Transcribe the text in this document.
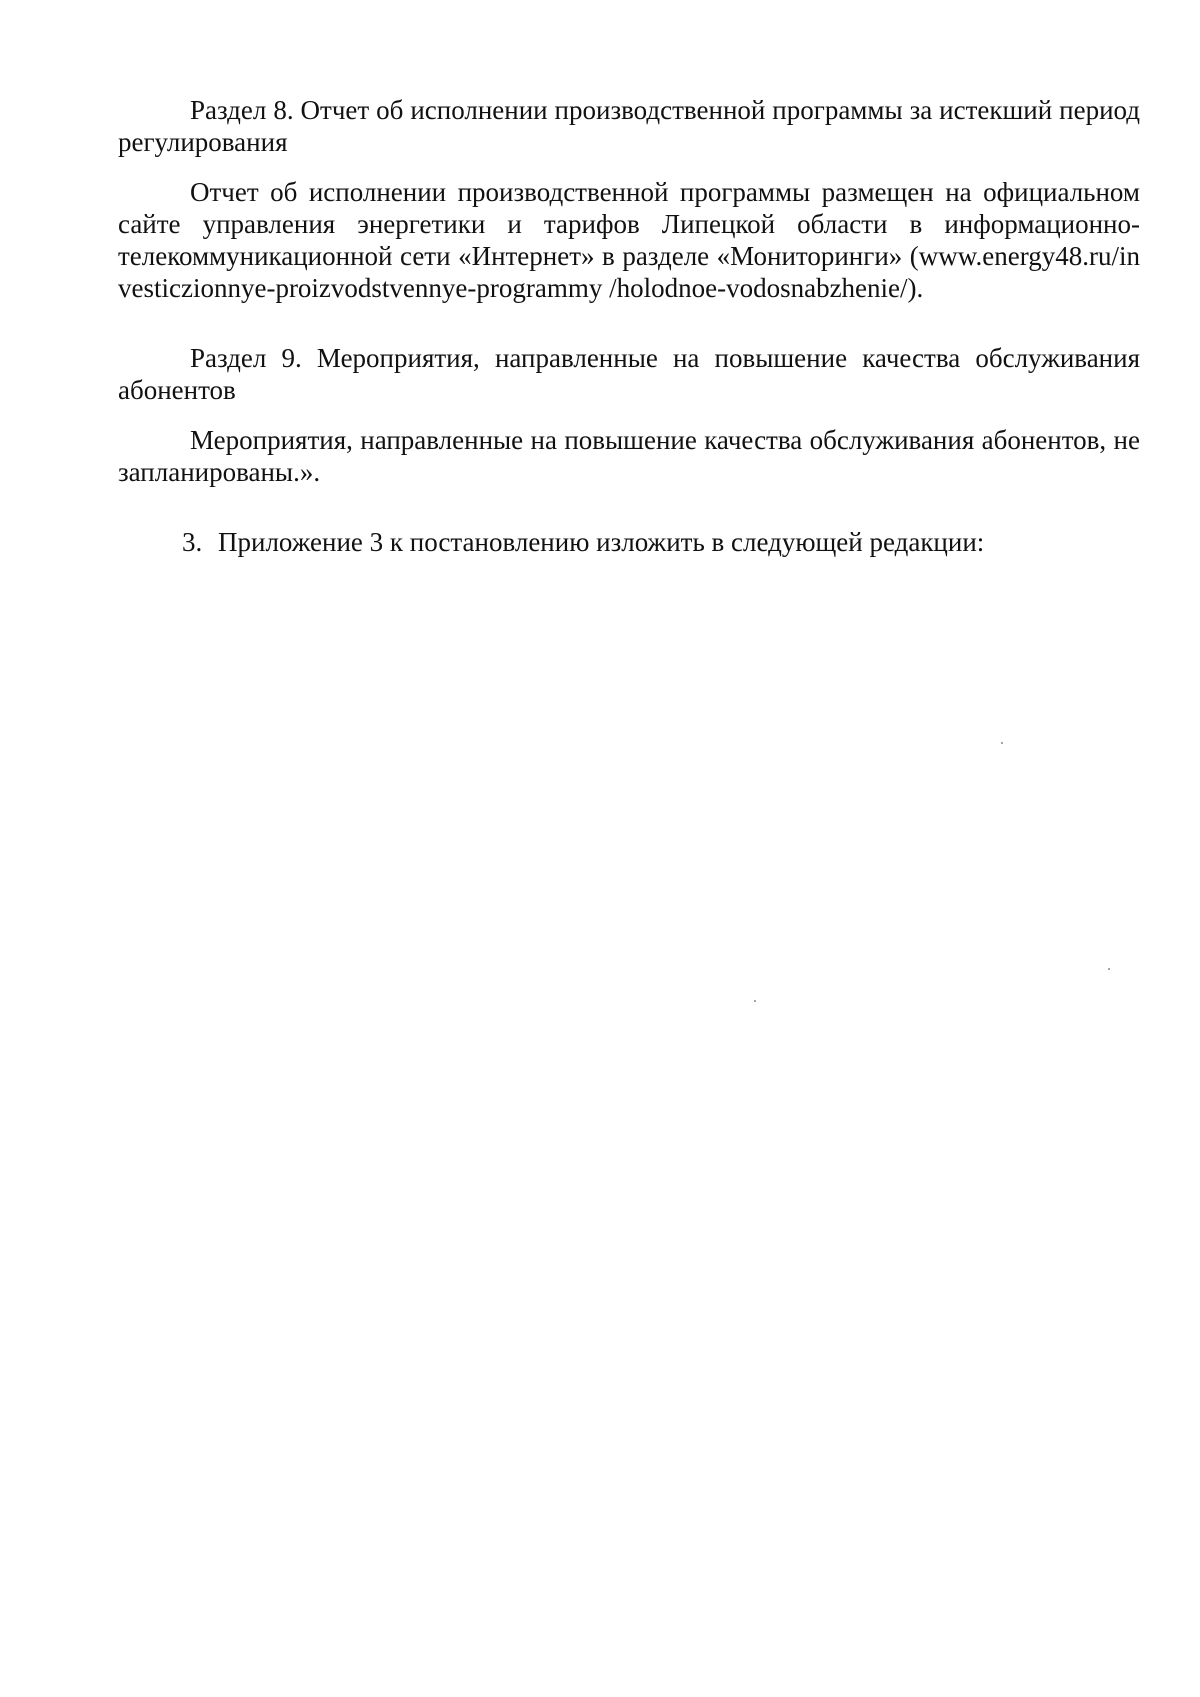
Раздел 8. Отчет об исполнении производственной программы за истекший период регулирования

Отчет об исполнении производственной программы размещен на официальном сайте управления энергетики и тарифов Липецкой области в информационно-телекоммуникационной сети «Интернет» в разделе «Мониторинги» (www.energy48.ru/investiczionnye-proizvodstvennye-programmy /holodnoe-vodosnabzhenie/).

Раздел 9. Мероприятия, направленные на повышение качества обслуживания абонентов

Мероприятия, направленные на повышение качества обслуживания абонентов, не запланированы.».

3. Приложение 3 к постановлению изложить в следующей редакции:
